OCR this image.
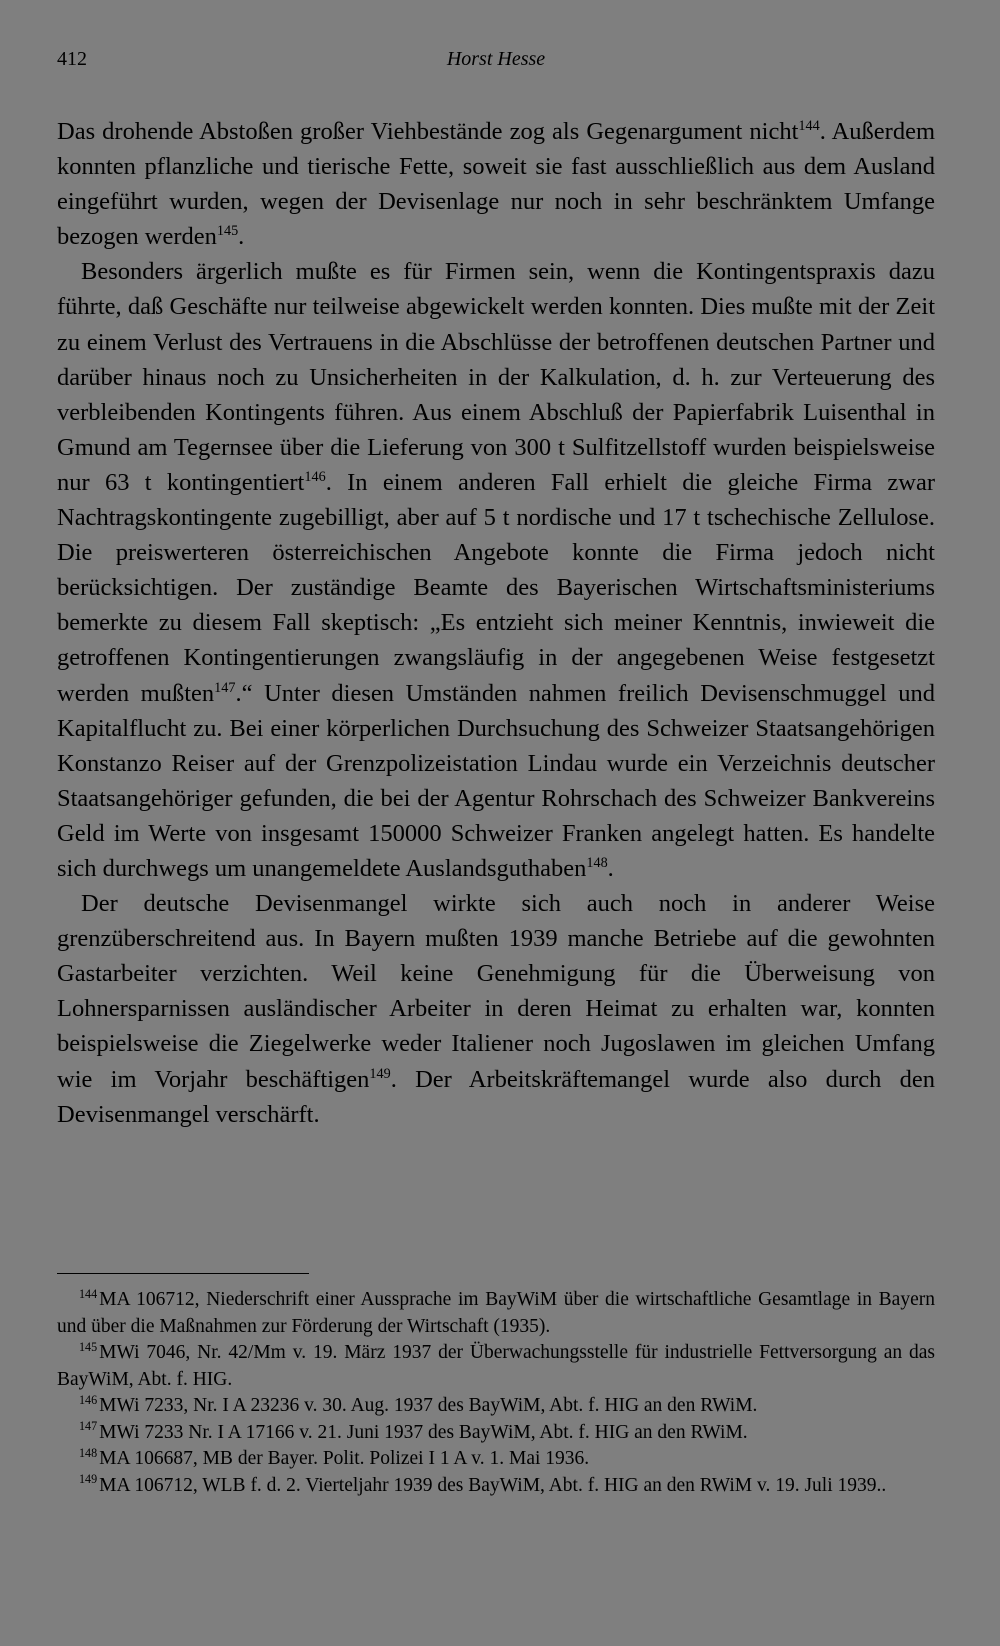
412	Horst Hesse

Das drohende Abstoßen großer Viehbestände zog als Gegenargument nicht$^{144}$. Außerdem konnten pflanzliche und tierische Fette, soweit sie fast ausschließlich aus dem Ausland eingeführt wurden, wegen der Devisenlage nur noch in sehr beschränktem Umfange bezogen werden$^{145}$.

Besonders ärgerlich mußte es für Firmen sein, wenn die Kontingentspraxis dazu führte, daß Geschäfte nur teilweise abgewickelt werden konnten. Dies mußte mit der Zeit zu einem Verlust des Vertrauens in die Abschlüsse der betroffenen deutschen Partner und darüber hinaus noch zu Unsicherheiten in der Kalkulation, d. h. zur Verteuerung des verbleibenden Kontingents führen. Aus einem Abschluß der Papierfabrik Luisenthal in Gmund am Tegernsee über die Lieferung von 300 t Sulfitzellstoff wurden beispielsweise nur 63 t kontingentiert$^{146}$. In einem anderen Fall erhielt die gleiche Firma zwar Nachtragskontingente zugebilligt, aber auf 5 t nordische und 17 t tschechische Zellulose. Die preiswerteren österreichischen Angebote konnte die Firma jedoch nicht berücksichtigen. Der zuständige Beamte des Bayerischen Wirtschaftsministeriums bemerkte zu diesem Fall skeptisch: „Es entzieht sich meiner Kenntnis, inwieweit die getroffenen Kontingentierungen zwangsläufig in der angegebenen Weise festgesetzt werden mußten$^{147}$.“ Unter diesen Umständen nahmen freilich Devisenschmuggel und Kapitalflucht zu. Bei einer körperlichen Durchsuchung des Schweizer Staatsangehörigen Konstanzo Reiser auf der Grenzpolizeistation Lindau wurde ein Verzeichnis deutscher Staatsangehöriger gefunden, die bei der Agentur Rohrschach des Schweizer Bankvereins Geld im Werte von insgesamt 150000 Schweizer Franken angelegt hatten. Es handelte sich durchwegs um unangemeldete Auslandsguthaben$^{148}$.

Der deutsche Devisenmangel wirkte sich auch noch in anderer Weise grenzüberschreitend aus. In Bayern mußten 1939 manche Betriebe auf die gewohnten Gastarbeiter verzichten. Weil keine Genehmigung für die Überweisung von Lohnersparnissen ausländischer Arbeiter in deren Heimat zu erhalten war, konnten beispielsweise die Ziegelwerke weder Italiener noch Jugoslawen im gleichen Umfang wie im Vorjahr beschäftigen$^{149}$. Der Arbeitskräftemangel wurde also durch den Devisenmangel verschärft.

$^{144}$ MA 106712, Niederschrift einer Aussprache im BayWiM über die wirtschaftliche Gesamtlage in Bayern und über die Maßnahmen zur Förderung der Wirtschaft (1935).

$^{145}$ MWi 7046, Nr. 42/Mm v. 19. März 1937 der Überwachungsstelle für industrielle Fettversorgung an das BayWiM, Abt. f. HIG.

$^{146}$ MWi 7233, Nr. I A 23236 v. 30. Aug. 1937 des BayWiM, Abt. f. HIG an den RWiM.

$^{147}$ MWi 7233 Nr. I A 17166 v. 21. Juni 1937 des BayWiM, Abt. f. HIG an den RWiM.

$^{148}$ MA 106687, MB der Bayer. Polit. Polizei I 1 A v. 1. Mai 1936.

$^{149}$ MA 106712, WLB f. d. 2. Vierteljahr 1939 des BayWiM, Abt. f. HIG an den RWiM v. 19. Juli 1939..
